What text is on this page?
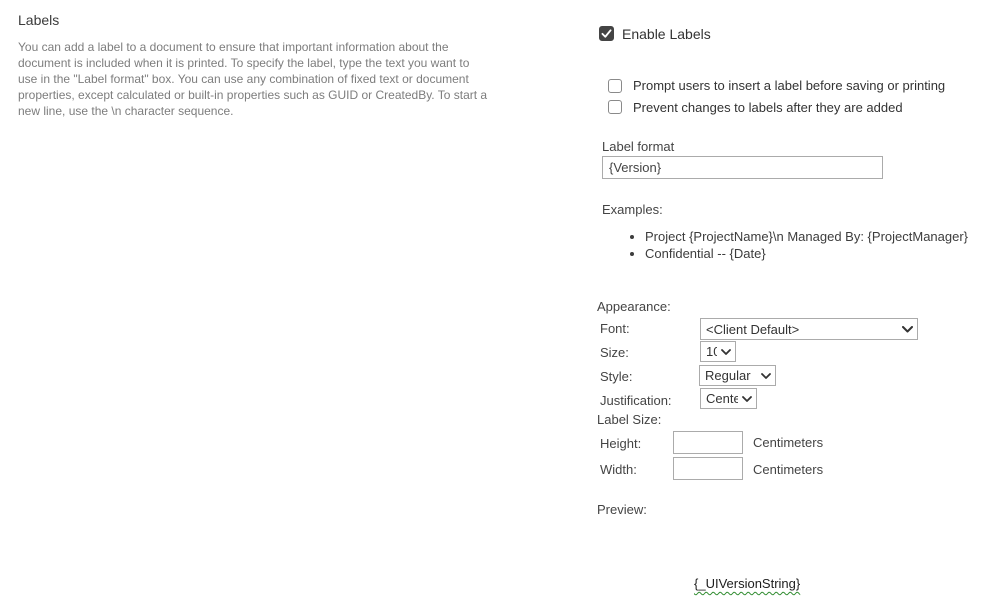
Labels
You can add a label to a document to ensure that important information about the document is included when it is printed. To specify the label, type the text you want to use in the "Label format" box. You can use any combination of fixed text or document properties, except calculated or built-in properties such as GUID or CreatedBy. To start a new line, use the \n character sequence.
Enable Labels
Prompt users to insert a label before saving or printing
Prevent changes to labels after they are added
Label format
{Version}
Examples:
• Project {ProjectName}\n Managed By: {ProjectManager}
• Confidential -- {Date}
Appearance:
Font:
<Client Default>
Size:
10
Style:
Regular
Justification:
Center
Label Size:
Height:	Centimeters
Width:	Centimeters
Preview:
{_UIVersionString}
